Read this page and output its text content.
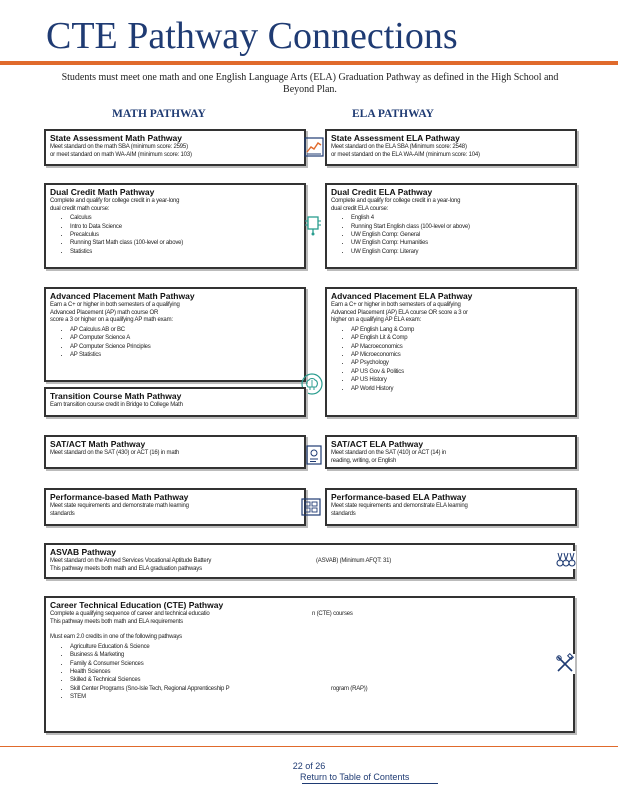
CTE Pathway Connections
Students must meet one math and one English Language Arts (ELA) Graduation Pathway as defined in the High School and Beyond Plan.
MATH PATHWAY	ELA PATHWAY
State Assessment Math Pathway

Meet standard on the math SBA (minimum score: 2595)

or meet standard on math WA-AIM (minimum score: 103)

State Assessment ELA Pathway

Meet standard on the ELA SBA (Minimum score: 2548)

or meet standard on the ELA WA-AIM (minimum score: 104)

Dual Credit Math Pathway

Complete and qualify for college credit in a year-long

dual credit math course:

• Calculus
• Intro to Data Science
• Precalculus
• Running Start Math class (100-level or above)
• Statistics
Dual Credit ELA Pathway

Complete and qualify for college credit in a year-long

dual credit ELA course:

• English 4
• Running Start English class (100-level or above)
• UW English Comp: General
• UW English Comp: Humanities
• UW English Comp: Literary
Advanced Placement Math Pathway

Earn a C+ or higher in both semesters of a qualifying

Advanced Placement (AP) math course OR

score a 3 or higher on a qualifying AP math exam:

• AP Calculus AB or BC
• AP Computer Science A
• AP Computer Science Principles
• AP Statistics
Advanced Placement ELA Pathway

Earn a C+ or higher in both semesters of a qualifying

Advanced Placement (AP) ELA course OR score a 3 or

higher on a qualifying AP ELA exam:

• AP English Lang & Comp
• AP English Lit & Comp
• AP Macroeconomics
• AP Microeconomics
• AP Psychology
• AP US Gov & Politics
• AP US History
• AP World History
Transition Course Math Pathway

Earn transition course credit in Bridge to College Math

SAT/ACT Math Pathway

Meet standard on the SAT (430) or ACT (16) in math

SAT/ACT ELA Pathway

Meet standard on the SAT (410) or ACT (14) in

reading, writing, or English

Performance-based Math Pathway

Meet state requirements and demonstrate math learning

standards

Performance-based ELA Pathway

Meet state requirements and demonstrate ELA learning

standards

ASVAB Pathway

Meet standard on the Armed Services Vocational Aptitude Battery	(ASVAB) (Minimum AFQT: 31)

This pathway meets both math and ELA graduation pathways

Career Technical Education (CTE) Pathway

Complete a qualifying sequence of career and technical educatio	n (CTE) courses

This pathway meets both math and ELA requirements

Must earn 2.0 credits in one of the following pathways

• Agriculture Education & Science
• Business & Marketing
• Family & Consumer Sciences
• Health Sciences
• Skilled & Technical Sciences
• Skill Center Programs (Sno-Isle Tech, Regional Apprenticeship P	rogram (RAP))
• STEM
22 of 26
Return to Table of Contents
